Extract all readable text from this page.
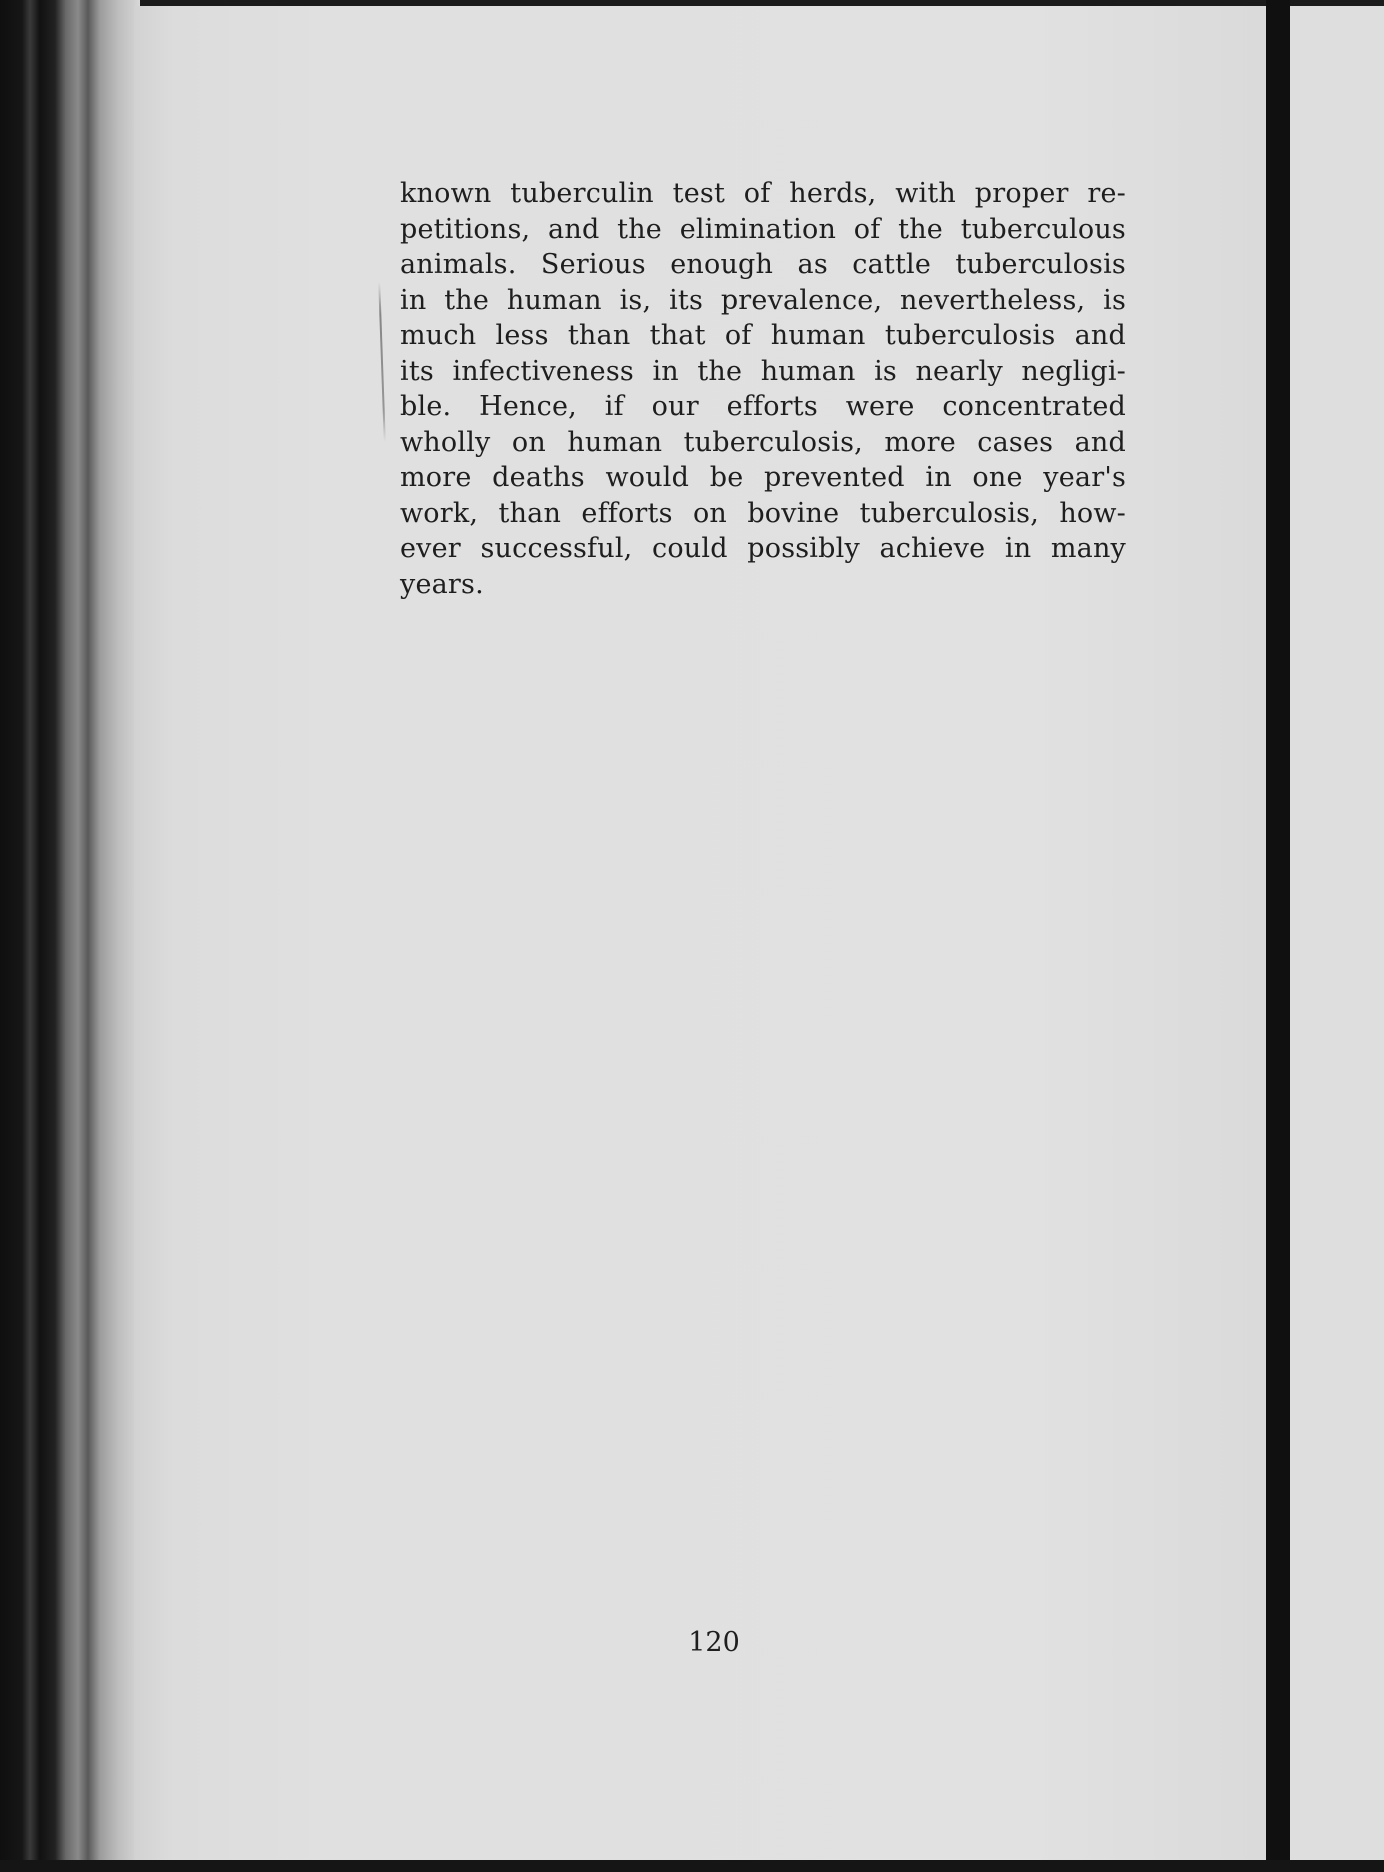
known tuberculin test of herds, with proper re-
petitions, and the elimination of the tuberculous
animals. Serious enough as cattle tuberculosis
in the human is, its prevalence, nevertheless, is
much less than that of human tuberculosis and
its infectiveness in the human is nearly negligi-
ble. Hence, if our efforts were concentrated
wholly on human tuberculosis, more cases and
more deaths would be prevented in one year's
work, than efforts on bovine tuberculosis, how-
ever successful, could possibly achieve in many
years.
120
